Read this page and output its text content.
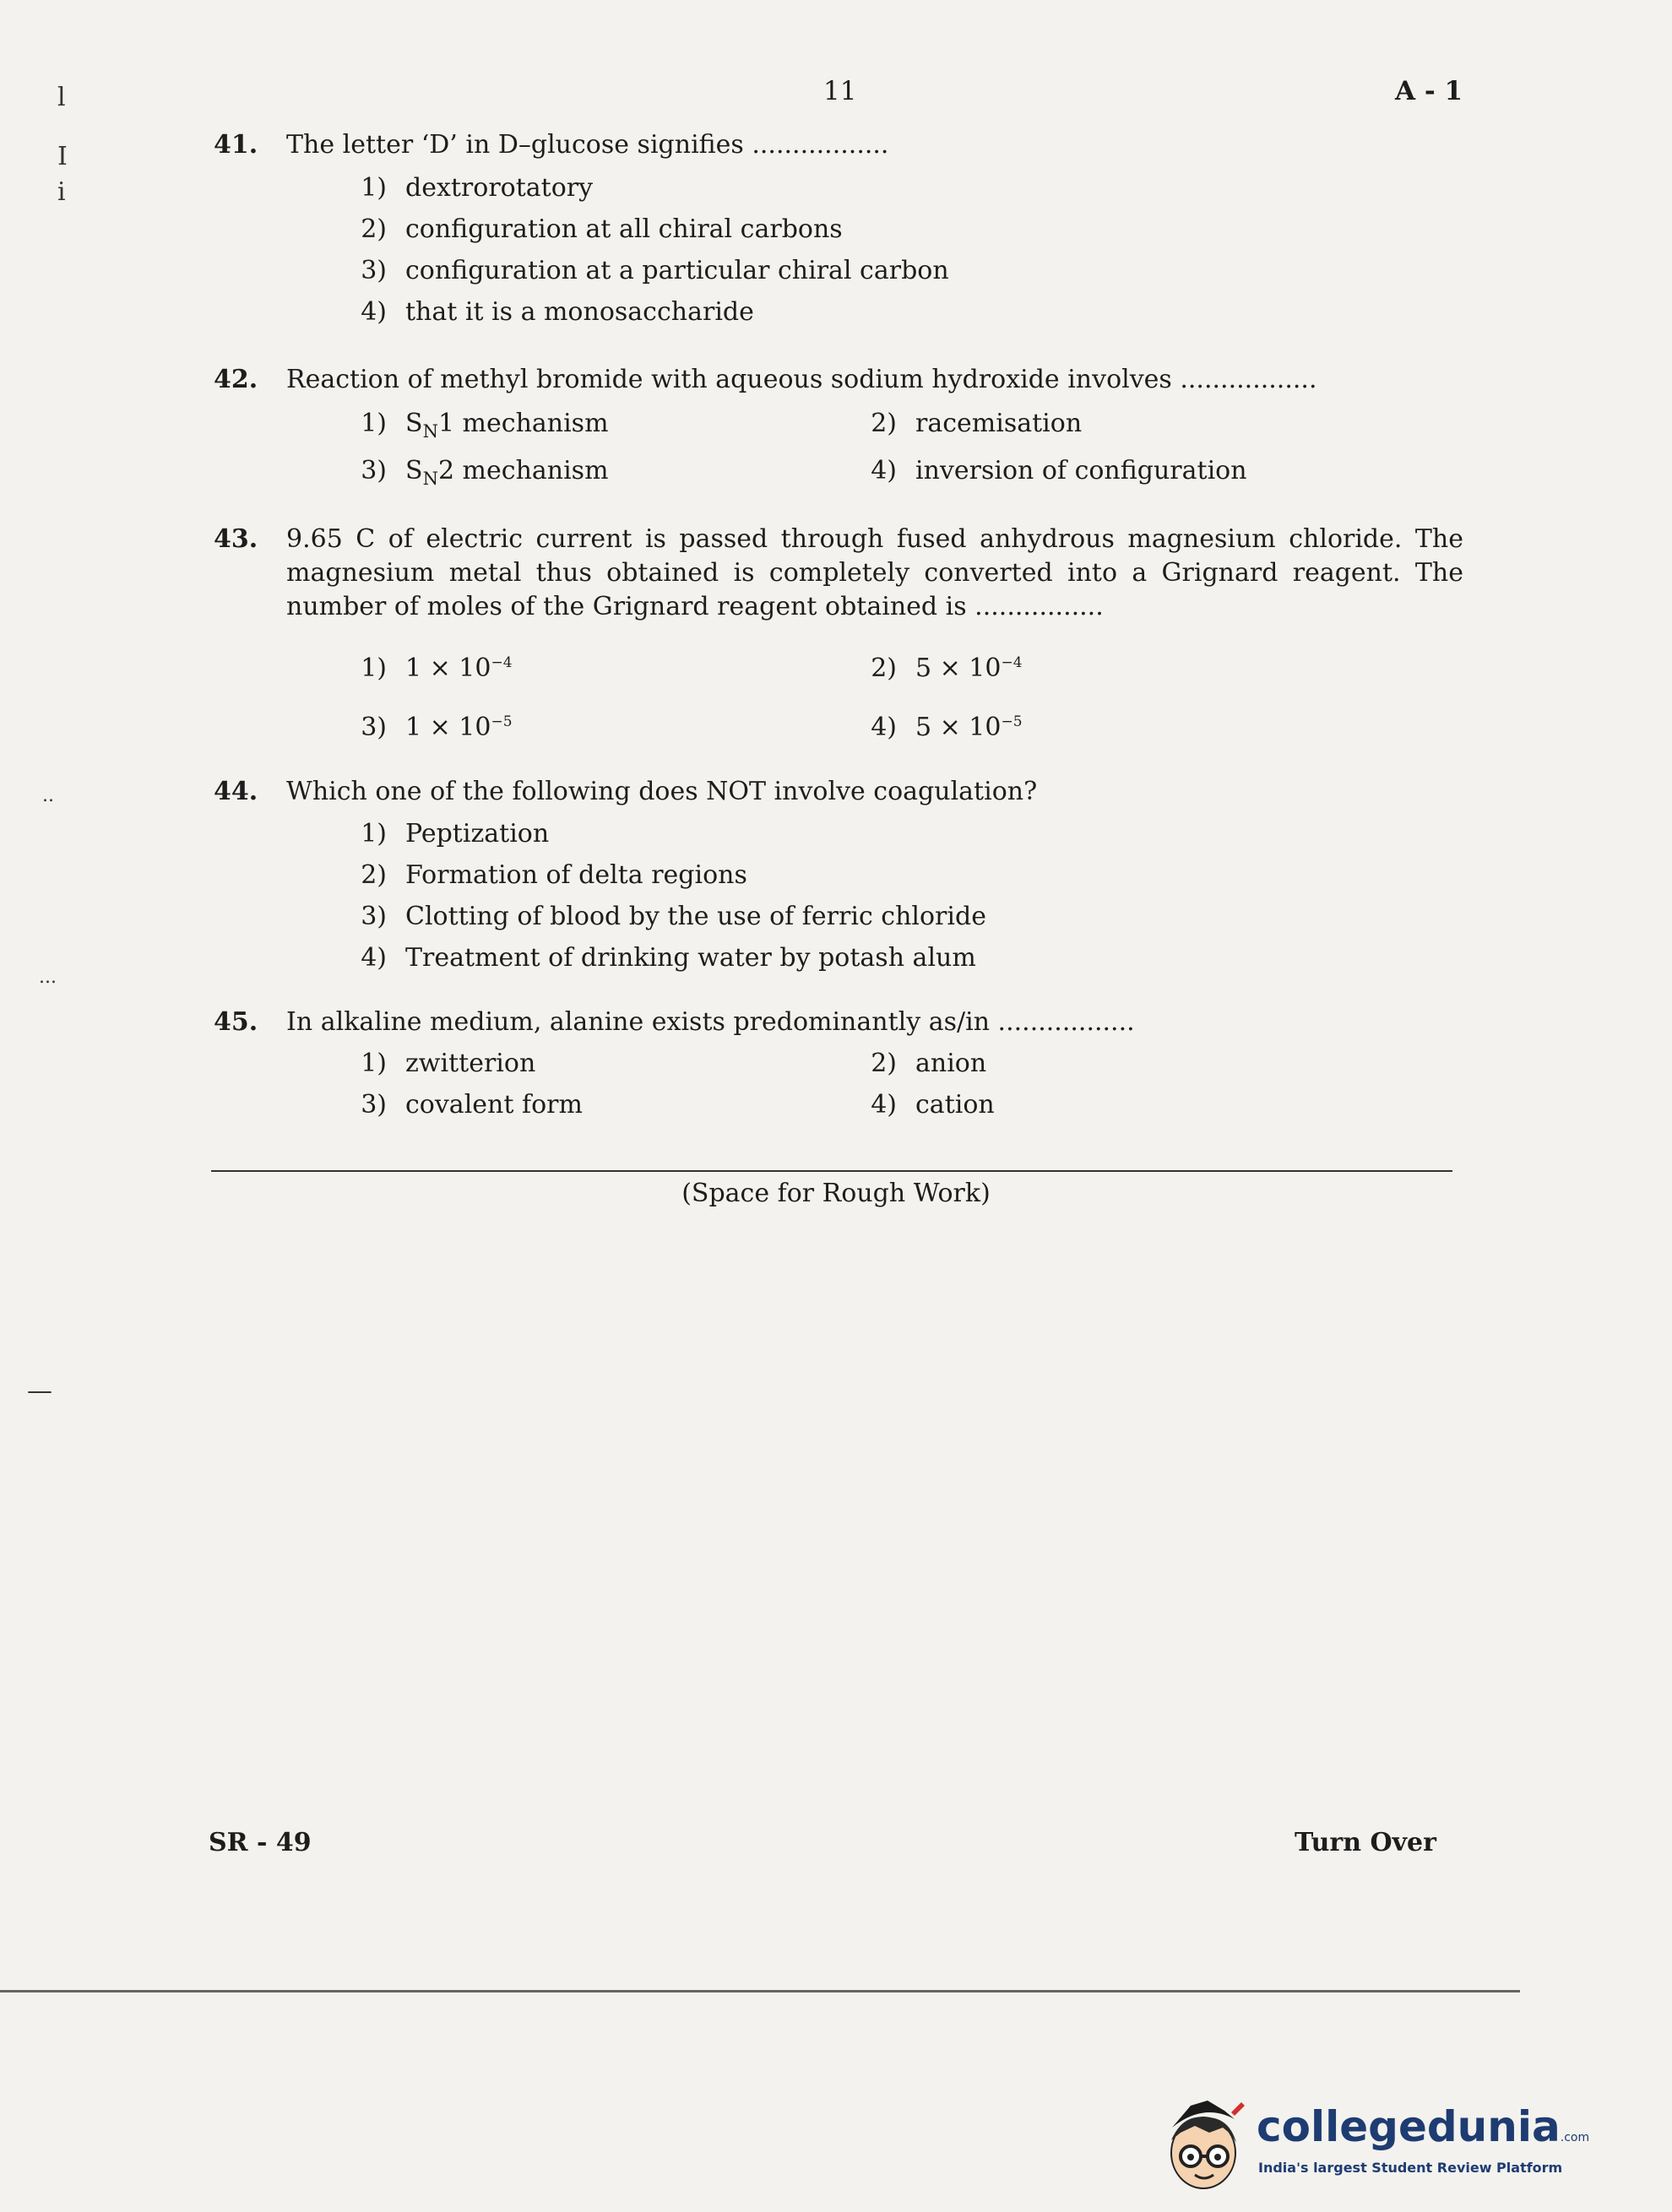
l
I
i
..
...
—
11	A - 1
41. The letter ‘D’ in D–glucose signifies .................
1) dextrorotatory
2) configuration at all chiral carbons
3) configuration at a particular chiral carbon
4) that it is a monosaccharide
42. Reaction of methyl bromide with aqueous sodium hydroxide involves .................
1) $S_N1$ mechanism	2) racemisation
3) $S_N2$ mechanism	4) inversion of configuration
43. 9.65 C of electric current is passed through fused anhydrous magnesium chloride. The magnesium metal thus obtained is completely converted into a Grignard reagent. The number of moles of the Grignard reagent obtained is ................
1) $1 \times 10^{-4}$	2) $5 \times 10^{-4}$
3) $1 \times 10^{-5}$	4) $5 \times 10^{-5}$
44. Which one of the following does NOT involve coagulation?
1) Peptization
2) Formation of delta regions
3) Clotting of blood by the use of ferric chloride
4) Treatment of drinking water by potash alum
45. In alkaline medium, alanine exists predominantly as/in .................
1) zwitterion	2) anion
3) covalent form	4) cation
(Space for Rough Work)
SR - 49	Turn Over
collegedunia.com
India's largest Student Review Platform
